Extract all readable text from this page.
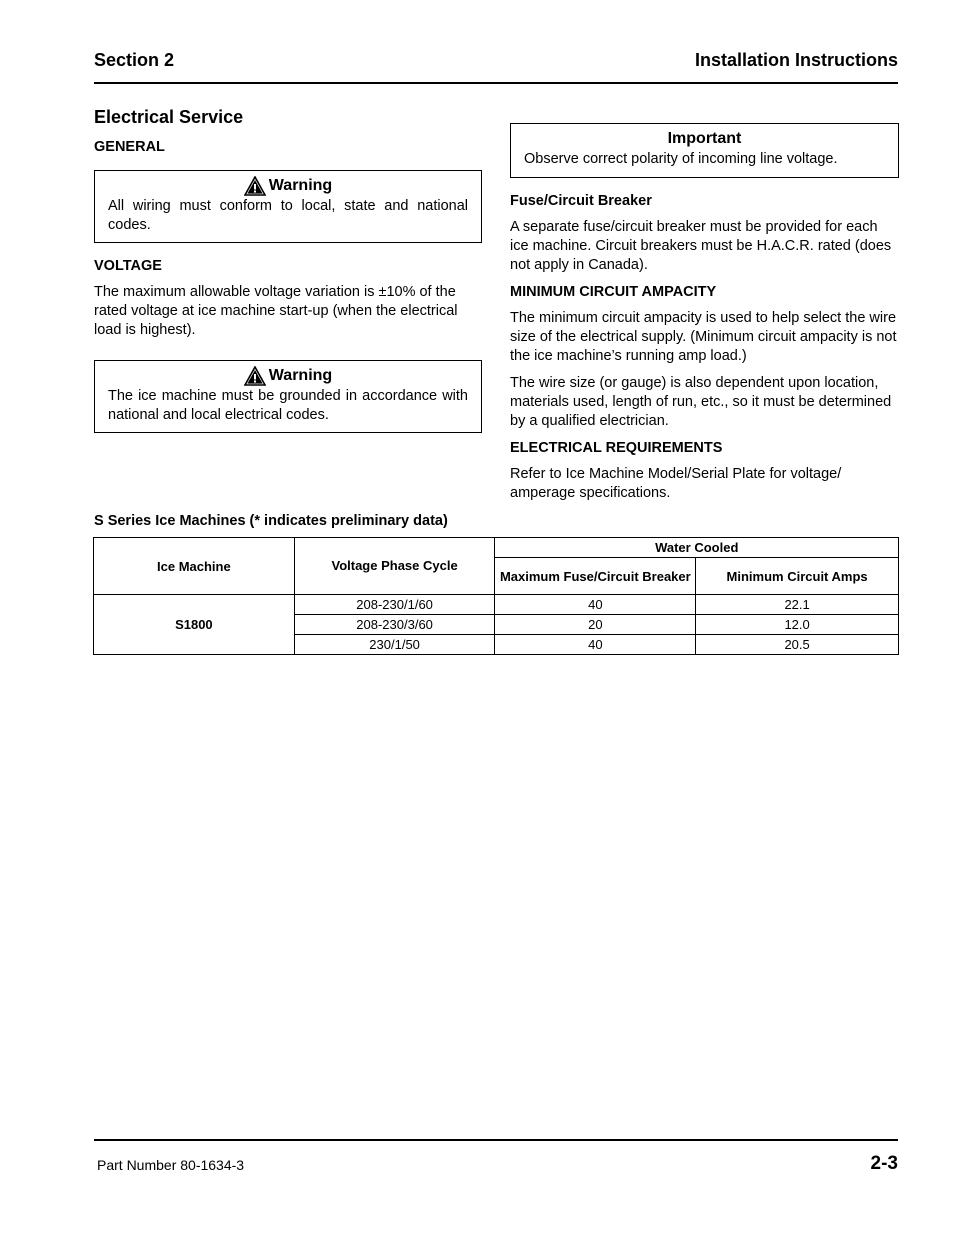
Section 2	Installation Instructions
Electrical Service
GENERAL
Warning
All wiring must conform to local, state and national codes.
VOLTAGE

The maximum allowable voltage variation is ±10% of the rated voltage at ice machine start-up (when the electrical load is highest).

Warning
The ice machine must be grounded in accordance with national and local electrical codes.
Important
Observe correct polarity of incoming line voltage.
Fuse/Circuit Breaker

A separate fuse/circuit breaker must be provided for each ice machine. Circuit breakers must be H.A.C.R. rated (does not apply in Canada).

MINIMUM CIRCUIT AMPACITY

The minimum circuit ampacity is used to help select the wire size of the electrical supply. (Minimum circuit ampacity is not the ice machine’s running amp load.)

The wire size (or gauge) is also dependent upon location, materials used, length of run, etc., so it must be determined by a qualified electrician.

ELECTRICAL REQUIREMENTS

Refer to Ice Machine Model/Serial Plate for voltage/ amperage specifications.

S Series Ice Machines (* indicates preliminary data)
Ice Machine	Voltage Phase Cycle	Water Cooled	
		Maximum Fuse/Circuit Breaker	Minimum Circuit Amps
S1800	208-230/1/60	40	22.1
	208-230/3/60	20	12.0
	230/1/50	40	20.5
Part Number 80-1634-3	2-3
